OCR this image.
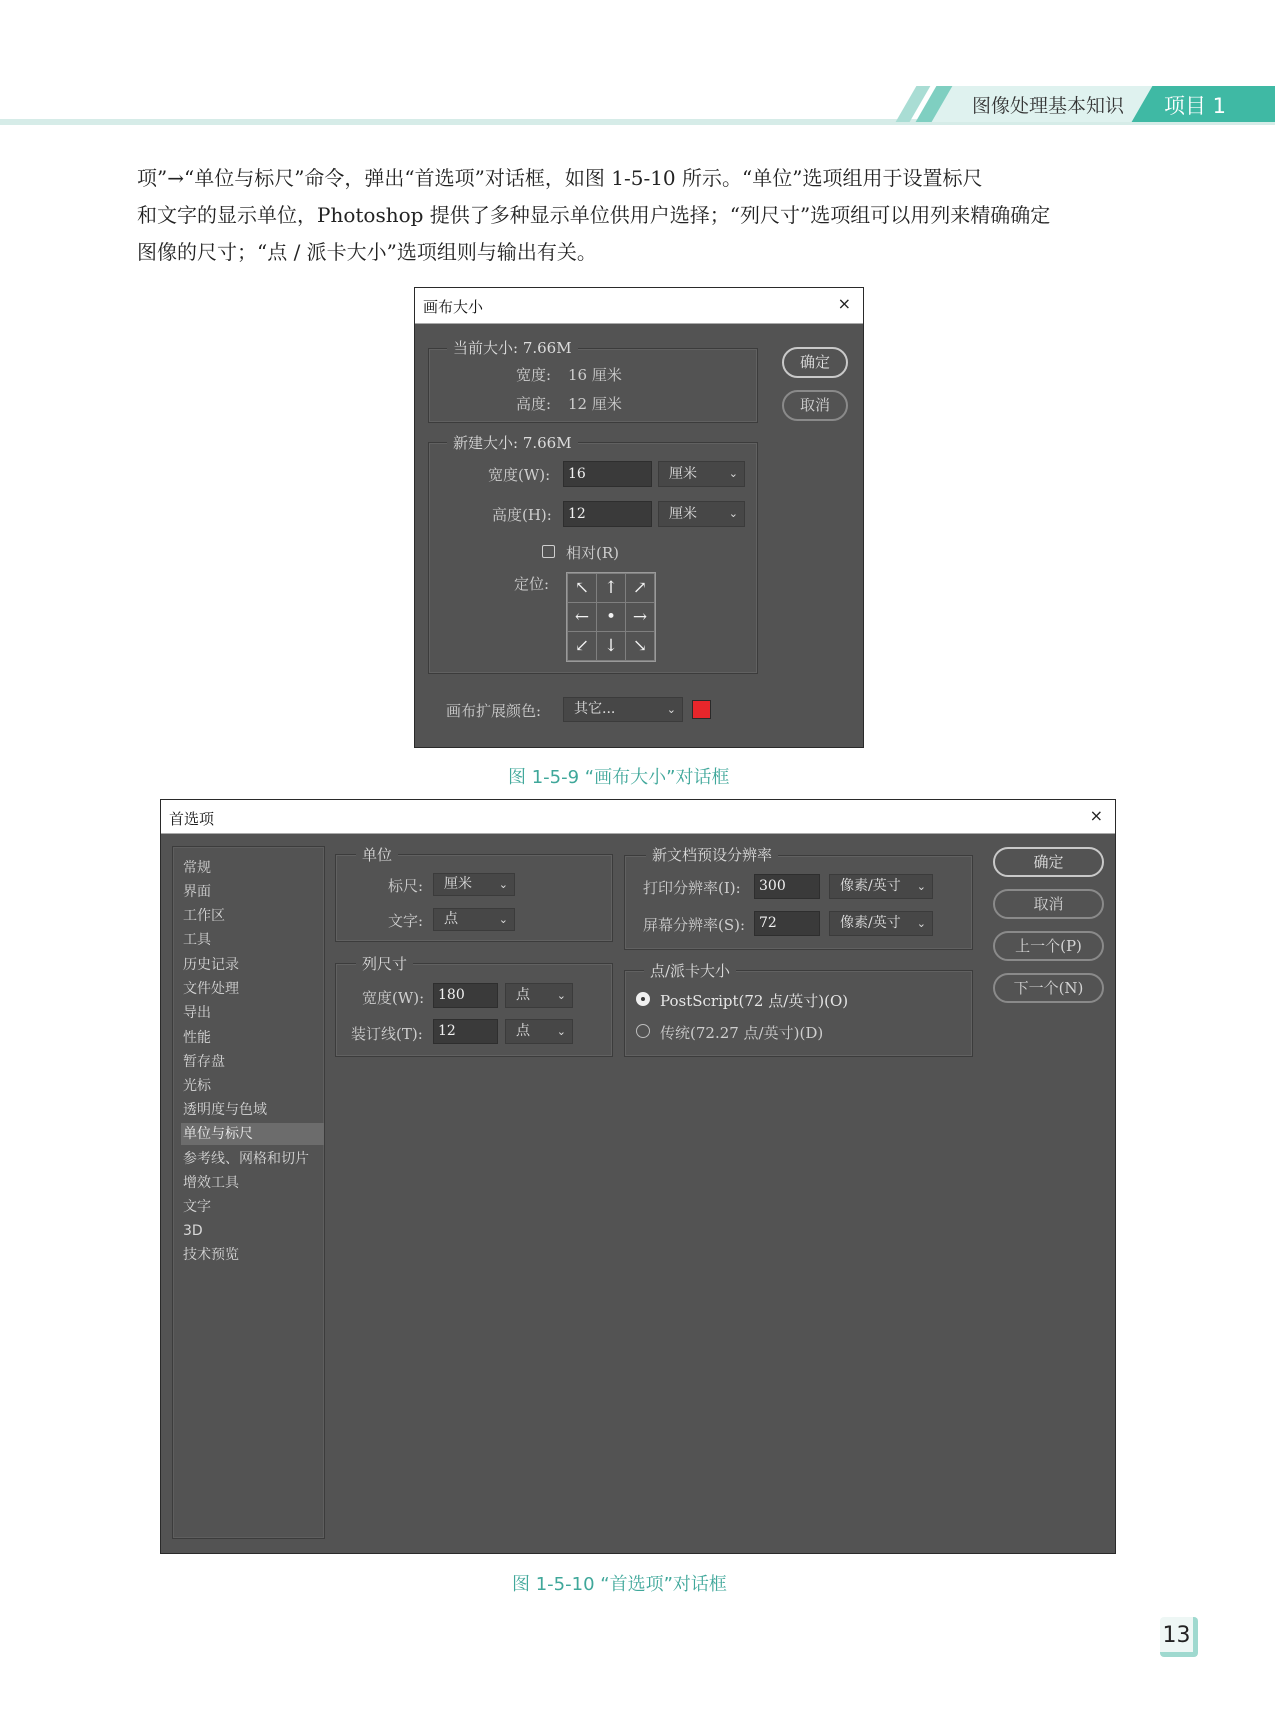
图像处理基本知识 项目 1

项”→“单位与标尺”命令，弹出“首选项”对话框，如图 1-5-10 所示。“单位”选项组用于设置标尺

和文字的显示单位，Photoshop 提供了多种显示单位供用户选择；“列尺寸”选项组可以用列来精确确定

图像的尺寸；“点 / 派卡大小”选项组则与输出有关。

画布大小	×
当前大小: 7.66M
宽度: 16 厘米
高度: 12 厘米
新建大小: 7.66M
宽度(W):	16	厘米	⌄
高度(H):	12	厘米	⌄
相对(R)
定位:	↖ ↑ ↗
← • →
↙ ↓ ↘
画布扩展颜色:	其它...	⌄
确定
取消
图 1-5-9 “画布大小”对话框
首选项	×
常规
界面
工作区
工具
历史记录
文件处理
导出
性能
暂存盘
光标
透明度与色域
单位与标尺
参考线、网格和切片
增效工具
文字
3D
技术预览
单位
标尺:	厘米 ⌄
文字:	点	⌄
列尺寸
宽度(W): 180	点 ⌄
装订线(T):	12	点 ⌄
新文档预设分辨率
打印分辨率(I):	300	像素/英寸 ⌄
屏幕分辨率(S): 72	像素/英寸 ⌄
点/派卡大小
PostScript(72 点/英寸)(O)
传统(72.27 点/英寸)(D)
确定
取消
上一个(P)
下一个(N)
图 1-5-10 “首选项”对话框
13
